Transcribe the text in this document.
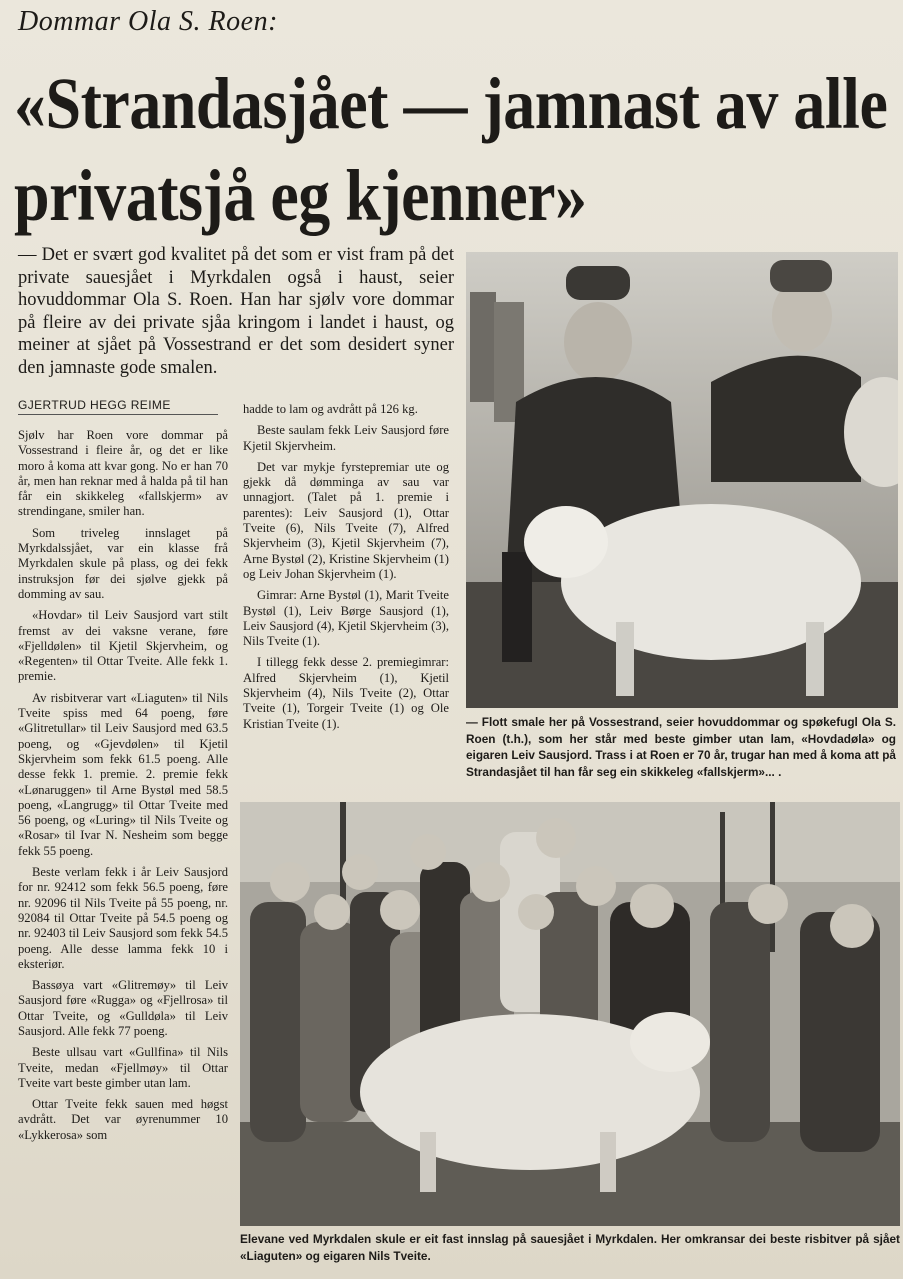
Dommar Ola S. Roen:
«Strandasjået — jamnast av alle privatsjå eg kjenner»
— Det er svært god kvalitet på det som er vist fram på det private sauesjået i Myrkdalen også i haust, seier hovuddommar Ola S. Roen. Han har sjølv vore dommar på fleire av dei private sjåa kringom i landet i haust, og meiner at sjået på Vossestrand er det som desidert syner den jamnaste gode smalen.
GJERTRUD HEGG REIME

Sjølv har Roen vore dommar på Vossestrand i fleire år, og det er like moro å koma att kvar gong. No er han 70 år, men han reknar med å halda på til han får ein skikkeleg «fallskjerm» av strendingane, smiler han.

Som triveleg innslaget på Myrkdalssjået, var ein klasse frå Myrkdalen skule på plass, og dei fekk instruksjon før dei sjølve gjekk på domming av sau.

«Hovdar» til Leiv Sausjord vart stilt fremst av dei vaksne verane, føre «Fjelldølen» til Kjetil Skjervheim, og «Regenten» til Ottar Tveite. Alle fekk 1. premie.

Av risbitverar vart «Liaguten» til Nils Tveite spiss med 64 poeng, føre «Glitretullar» til Leiv Sausjord med 63.5 poeng, og «Gjevdølen» til Kjetil Skjervheim som fekk 61.5 poeng. Alle desse fekk 1. premie. 2. premie fekk «Lønaruggen» til Arne Bystøl med 58.5 poeng, «Langrugg» til Ottar Tveite med 56 poeng, og «Luring» til Nils Tveite og «Rosar» til Ivar N. Nesheim som begge fekk 55 poeng.

Beste verlam fekk i år Leiv Sausjord for nr. 92412 som fekk 56.5 poeng, føre nr. 92096 til Nils Tveite på 55 poeng, nr. 92084 til Ottar Tveite på 54.5 poeng og nr. 92403 til Leiv Sausjord som fekk 54.5 poeng. Alle desse lamma fekk 10 i eksteriør.

Bassøya vart «Glitremøy» til Leiv Sausjord føre «Rugga» og «Fjellrosa» til Ottar Tveite, og «Gulldøla» til Leiv Sausjord. Alle fekk 77 poeng.

Beste ullsau vart «Gullfina» til Nils Tveite, medan «Fjellmøy» til Ottar Tveite vart beste gimber utan lam.

Ottar Tveite fekk sauen med høgst avdrått. Det var øyrenummer 10 «Lykkerosa» som

hadde to lam og avdrått på 126 kg.

Beste saulam fekk Leiv Sausjord føre Kjetil Skjervheim.

Det var mykje fyrstepremiar ute og gjekk då dømminga av sau var unnagjort. (Talet på 1. premie i parentes): Leiv Sausjord (1), Ottar Tveite (6), Nils Tveite (7), Alfred Skjervheim (3), Kjetil Skjervheim (7), Arne Bystøl (2), Kristine Skjervheim (1) og Leiv Johan Skjervheim (1).

Gimrar: Arne Bystøl (1), Marit Tveite Bystøl (1), Leiv Børge Sausjord (1), Leiv Sausjord (4), Kjetil Skjervheim (3), Nils Tveite (1).

I tillegg fekk desse 2. premiegimrar: Alfred Skjervheim (1), Kjetil Skjervheim (4), Nils Tveite (2), Ottar Tveite (1), Torgeir Tveite (1) og Ole Kristian Tveite (1).	— Flott smale her på Vossestrand, seier hovuddommar og spøkefugl Ola S. Roen (t.h.), som her står med beste gimber utan lam, «Hovdadøla» og eigaren Leiv Sausjord. Trass i at Roen er 70 år, trugar han med å koma att på Strandasjået til han får seg ein skikkeleg «fallskjerm»... .
Elevane ved Myrkdalen skule er eit fast innslag på sauesjået i Myrkdalen. Her omkransar dei beste risbitver på sjået «Liaguten» og eigaren Nils Tveite.
